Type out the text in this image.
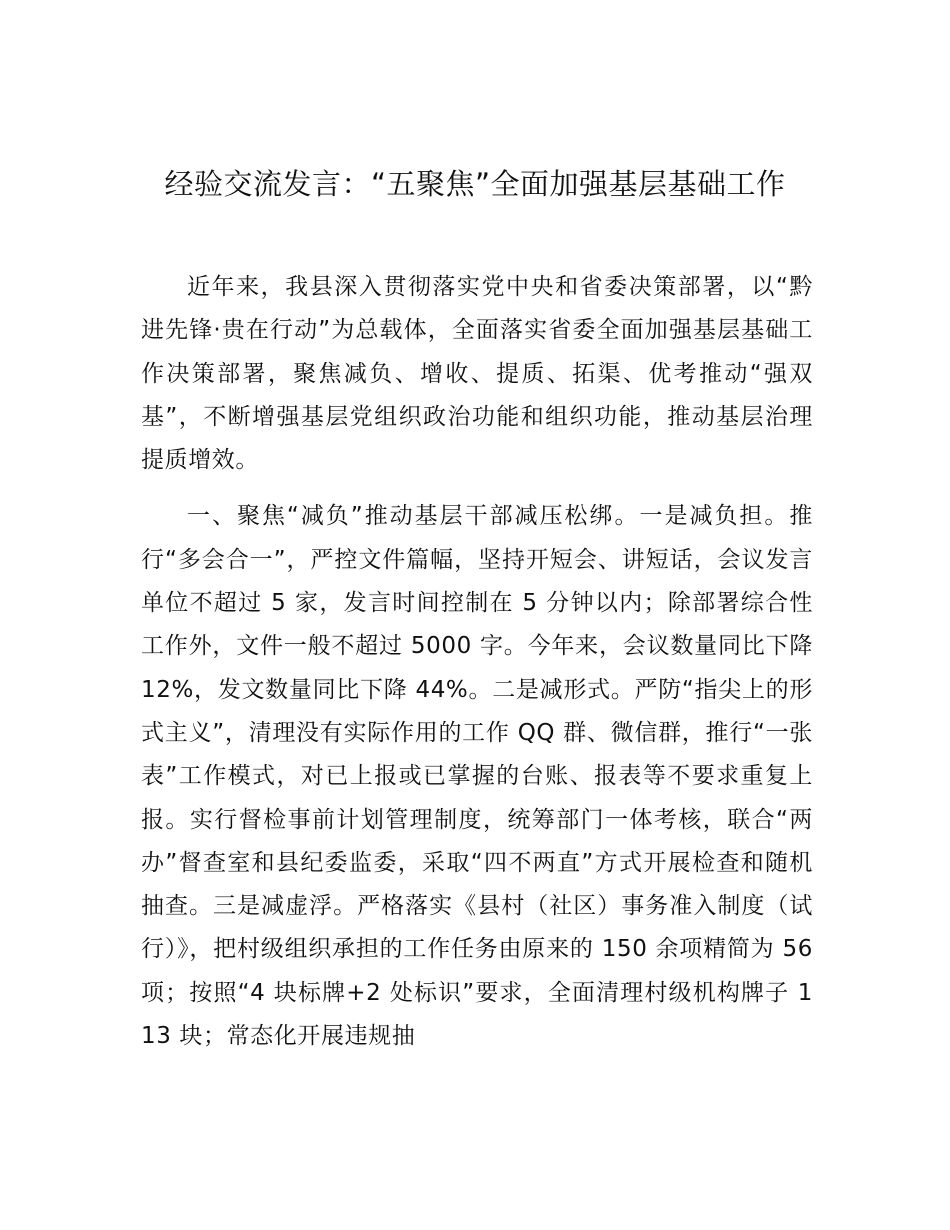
经验交流发言：“五聚焦”全面加强基层基础工作

近年来，我县深入贯彻落实党中央和省委决策部署，以“黔进先锋·贵在行动”为总载体，全面落实省委全面加强基层基础工作决策部署，聚焦减负、增收、提质、拓渠、优考推动“强双基”，不断增强基层党组织政治功能和组织功能，推动基层治理提质增效。

一、聚焦“减负”推动基层干部减压松绑。一是减负担。推行“多会合一”，严控文件篇幅，坚持开短会、讲短话，会议发言单位不超过 5 家，发言时间控制在 5 分钟以内；除部署综合性工作外，文件一般不超过 5000 字。今年来，会议数量同比下降 12%，发文数量同比下降 44%。二是减形式。严防“指尖上的形式主义”，清理没有实际作用的工作 QQ 群、微信群，推行“一张表”工作模式，对已上报或已掌握的台账、报表等不要求重复上报。实行督检事前计划管理制度，统筹部门一体考核，联合“两办”督查室和县纪委监委，采取“四不两直”方式开展检查和随机抽查。三是减虚浮。严格落实《县村（社区）事务准入制度（试行）》，把村级组织承担的工作任务由原来的 150 余项精简为 56 项；按照“4 块标牌+2 处标识”要求，全面清理村级机构牌子 113 块；常态化开展违规抽
